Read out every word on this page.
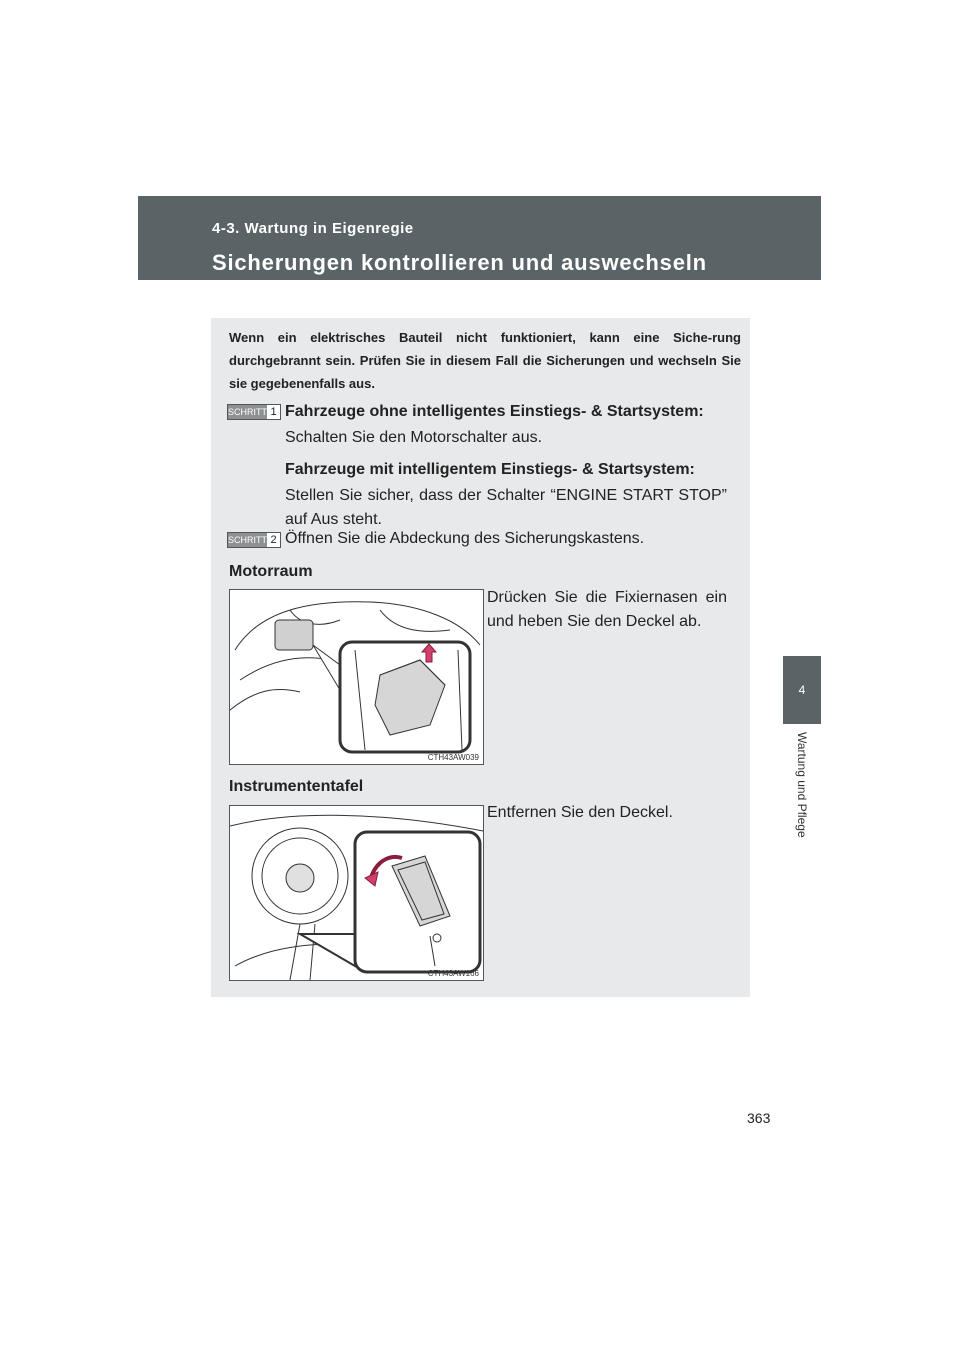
4-3. Wartung in Eigenregie
Sicherungen kontrollieren und auswechseln
4
Wartung und Pflege
Wenn ein elektrisches Bauteil nicht funktioniert, kann eine Siche-rung durchgebrannt sein. Prüfen Sie in diesem Fall die Sicherungen und wechseln Sie sie gegebenenfalls aus.
SCHRITT 1 Fahrzeuge ohne intelligentes Einstiegs- & Startsystem:
Schalten Sie den Motorschalter aus.
Fahrzeuge mit intelligentem Einstiegs- & Startsystem:
Stellen Sie sicher, dass der Schalter “ENGINE START STOP” auf Aus steht.
SCHRITT 2 Öffnen Sie die Abdeckung des Sicherungskastens.
Motorraum
Drücken Sie die Fixiernasen ein und heben Sie den Deckel ab.
CTH43AW039
Instrumententafel
Entfernen Sie den Deckel.
CTH43AW166
363
